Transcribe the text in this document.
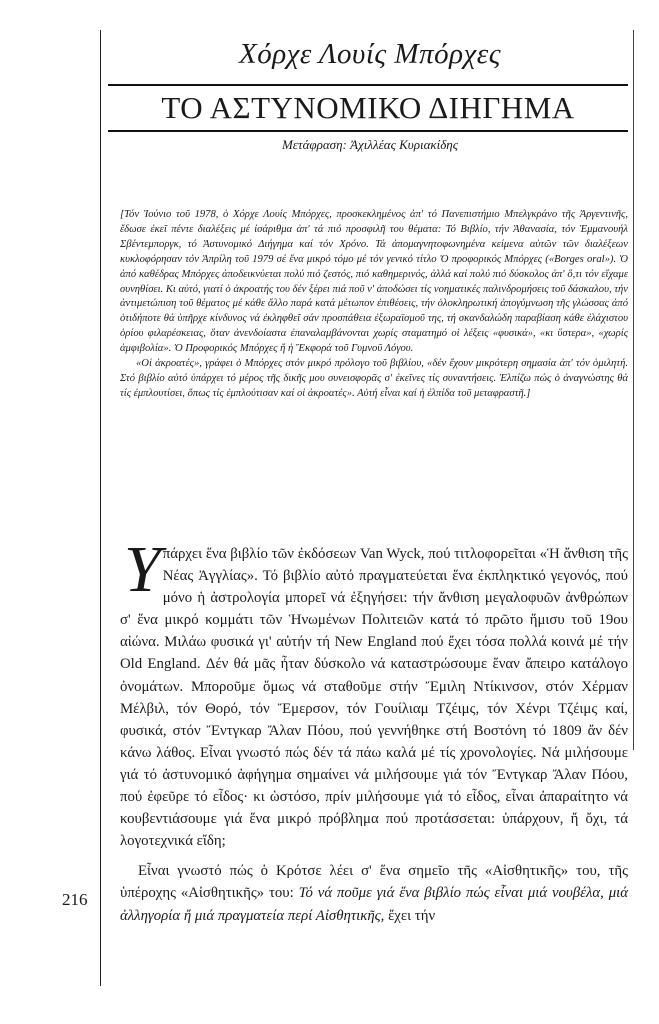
Χόρχε Λουίς Μπόρχες
ΤΟ ΑΣΤΥΝΟΜΙΚΟ ΔΙΗΓΗΜΑ
Μετάφραση: Ἀχιλλέας Κυριακίδης

[Τόν Ἰούνιο τοῦ 1978, ὁ Χόρχε Λουίς Μπόρχες, προσκεκλημένος ἀπ' τό Πανεπιστήμιο Μπελγκράνο τῆς Ἀργεντινῆς, ἔδωσε ἐκεῖ πέντε διαλέξεις μέ ἰσάριθμα ἀπ' τά πιό προσφιλῆ του θέματα: Τό Βιβλίο, τήν Ἀθανασία, τόν Ἐμμανουήλ Σβέντεμποργκ, τό Ἀστυνομικό Διήγημα καί τόν Χρόνο. Τά ἀπομαγνητοφωνημένα κείμενα αὐτῶν τῶν διαλέξεων κυκλοφόρησαν τόν Ἀπρίλη τοῦ 1979 σέ ἕνα μικρό τόμο μέ τόν γενικό τίτλο Ὁ προφορικός Μπόρχες («Borges oral»). Ὁ ἀπό καθέδρας Μπόρχες ἀποδεικνύεται πολύ πιό ζεστός, πιό καθημερινός, ἀλλά καί πολύ πιό δύσκολος ἀπ' ὅ,τι τόν εἴχαμε συνηθίσει. Κι αὐτό, γιατί ὁ ἀκροατής του δέν ξέρει πιά ποῦ ν' ἀποδώσει τίς νοηματικές παλινδρομήσεις τοῦ δάσκαλου, τήν ἀντιμετώπιση τοῦ θέματος μέ κάθε ἄλλο παρά κατά μέτωπον ἐπιθέσεις, τήν ὁλοκληρωτική ἀπογύμνωση τῆς γλώσσας ἀπό ὁτιδήποτε θά ὑπῆρχε κίνδυνος νά ἐκληφθεῖ σάν προσπάθεια ἐξωραϊσμοῦ της, τή σκανδαλώδη παραβίαση κάθε ἐλάχιστου ὁρίου φιλαρέσκειας, ὅταν ἀνενδοίαστα ἐπαναλαμβάνονται χωρίς σταματημό οἱ λέξεις «φυσικά», «κι ὕστερα», «χωρίς ἀμφιβολία». Ὁ Προφορικός Μπόρχες ἤ ἡ Ἔκφορά τοῦ Γυμνοῦ Λόγου.

«Οἱ ἀκροατές», γράφει ὁ Μπόρχες στόν μικρό πρόλογο τοῦ βιβλίου, «δέν ἔχουν μικρότερη σημασία ἀπ' τόν ὁμιλητή. Στό βιβλίο αὐτό ὑπάρχει τό μέρος τῆς δικῆς μου συνεισφορᾶς σ' ἐκεῖνες τίς συναντήσεις. Ἐλπίζω πώς ὁ ἀναγνώστης θά τίς ἐμπλουτίσει, ὅπως τίς ἐμπλούτισαν καί οἱ ἀκροατές». Αὐτή εἶναι καί ἡ ἐλπίδα τοῦ μεταφραστῆ.]

Υ πάρχει ἕνα βιβλίο τῶν ἐκδόσεων Van Wyck, πού τιτλοφορεῖται «Ἡ ἄνθιση τῆς Νέας Ἀγγλίας». Τό βιβλίο αὐτό πραγματεύεται ἕνα ἐκπληκτικό γεγονός, πού μόνο ἡ ἀστρολογία μπορεῖ νά ἐξηγήσει: τήν ἄνθιση μεγαλοφυῶν ἀνθρώπων σ' ἕνα μικρό κομμάτι τῶν Ἡνωμένων Πολιτειῶν κατά τό πρῶτο ἥμισυ τοῦ 19ου αἰώνα. Μιλάω φυσικά γι' αὐτήν τή New England πού ἔχει τόσα πολλά κοινά μέ τήν Old England. Δέν θά μᾶς ἦταν δύσκολο νά καταστρώσουμε ἕναν ἄπειρο κατάλογο ὀνομάτων. Μποροῦμε ὅμως νά σταθοῦμε στήν Ἔμιλη Ντίκινσον, στόν Χέρμαν Μέλβιλ, τόν Θορό, τόν Ἔμερσον, τόν Γουίλιαμ Τζέιμς, τόν Χένρι Τζέιμς καί, φυσικά, στόν Ἔντγκαρ Ἄλαν Πόου, πού γεννήθηκε στή Βοστόνη τό 1809 ἄν δέν κάνω λάθος. Εἶναι γνωστό πώς δέν τά πάω καλά μέ τίς χρονολογίες. Νά μιλήσουμε γιά τό ἀστυνομικό ἀφήγημα σημαίνει νά μιλήσουμε γιά τόν Ἔντγκαρ Ἄλαν Πόου, πού ἐφεῦρε τό εἶδος· κι ὡστόσο, πρίν μιλήσουμε γιά τό εἶδος, εἶναι ἀπαραίτητο νά κουβεντιάσουμε γιά ἕνα μικρό πρόβλημα πού προτάσσεται: ὑπάρχουν, ἤ ὄχι, τά λογοτεχνικά εἴδη;

Εἶναι γνωστό πώς ὁ Κρότσε λέει σ' ἕνα σημεῖο τῆς «Αἰσθητικῆς» του, τῆς ὑπέροχης «Αἰσθητικῆς» του: Τό νά ποῦμε γιά ἕνα βιβλίο πώς εἶναι μιά νουβέλα, μιά ἀλληγορία ἤ μιά πραγματεία περί Αἰσθητικῆς, ἔχει τήν

216
